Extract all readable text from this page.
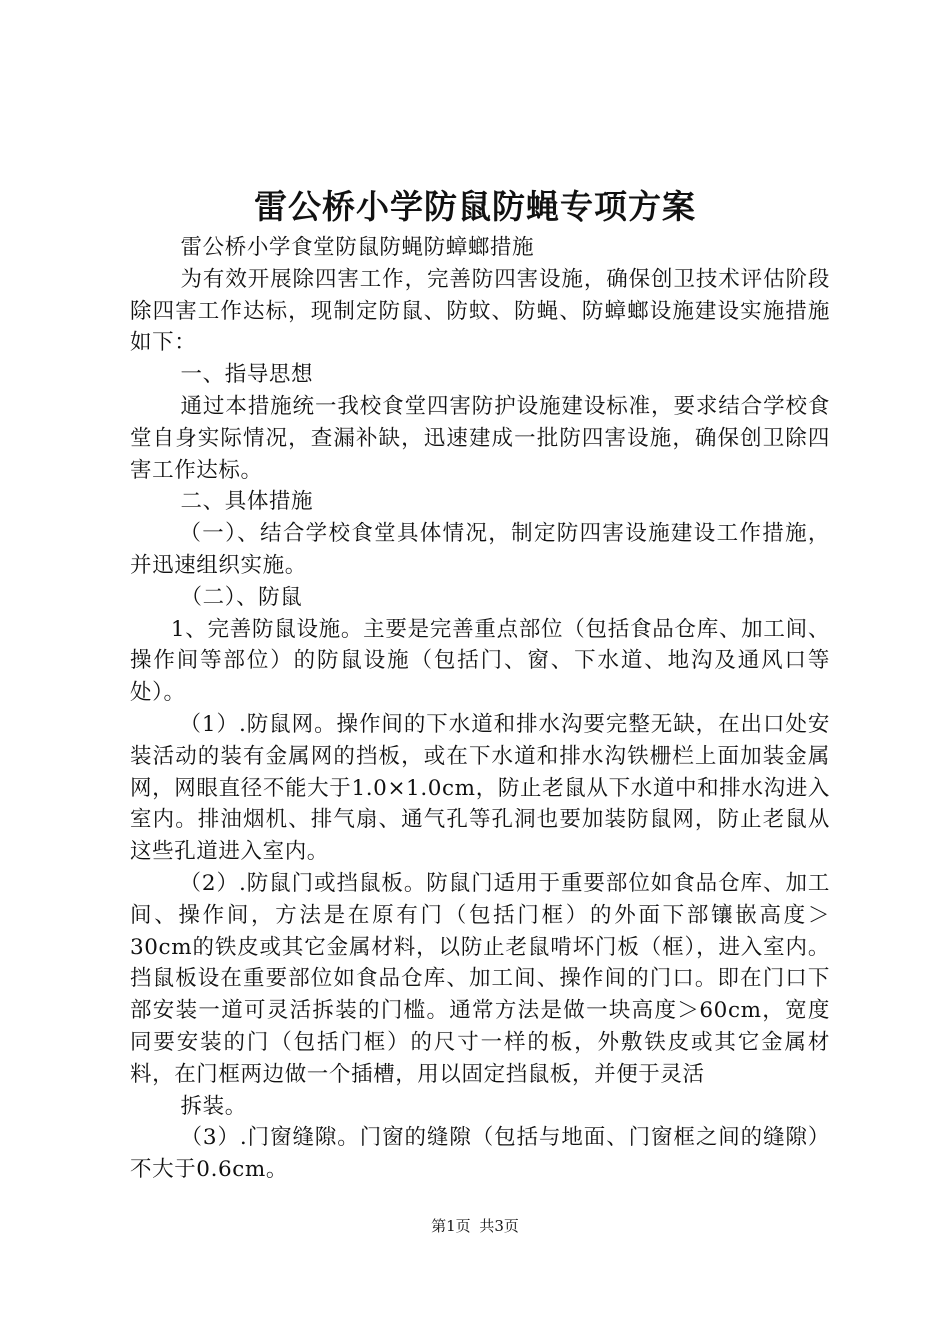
雷公桥小学防鼠防蝇专项方案

雷公桥小学食堂防鼠防蝇防蟑螂措施

为有效开展除四害工作，完善防四害设施，确保创卫技术评估阶段除四害工作达标，现制定防鼠、防蚊、防蝇、防蟑螂设施建设实施措施如下：

一、指导思想

通过本措施统一我校食堂四害防护设施建设标准，要求结合学校食堂自身实际情况，查漏补缺，迅速建成一批防四害设施，确保创卫除四害工作达标。

二、具体措施

（一）、结合学校食堂具体情况，制定防四害设施建设工作措施，并迅速组织实施。

（二）、防鼠

1、完善防鼠设施。主要是完善重点部位（包括食品仓库、加工间、操作间等部位）的防鼠设施（包括门、窗、下水道、地沟及通风口等处）。

（1）.防鼠网。操作间的下水道和排水沟要完整无缺，在出口处安装活动的装有金属网的挡板，或在下水道和排水沟铁栅栏上面加装金属网，网眼直径不能大于1.0×1.0cm，防止老鼠从下水道中和排水沟进入室内。排油烟机、排气扇、通气孔等孔洞也要加装防鼠网，防止老鼠从这些孔道进入室内。

（2）.防鼠门或挡鼠板。防鼠门适用于重要部位如食品仓库、加工间、操作间，方法是在原有门（包括门框）的外面下部镶嵌高度＞30cm的铁皮或其它金属材料，以防止老鼠啃坏门板（框），进入室内。挡鼠板设在重要部位如食品仓库、加工间、操作间的门口。即在门口下部安装一道可灵活拆装的门槛。通常方法是做一块高度＞60cm，宽度同要安装的门（包括门框）的尺寸一样的板，外敷铁皮或其它金属材料，在门框两边做一个插槽，用以固定挡鼠板，并便于灵活

拆装。

（3）.门窗缝隙。门窗的缝隙（包括与地面、门窗框之间的缝隙）不大于0.6cm。

第1页 共3页
